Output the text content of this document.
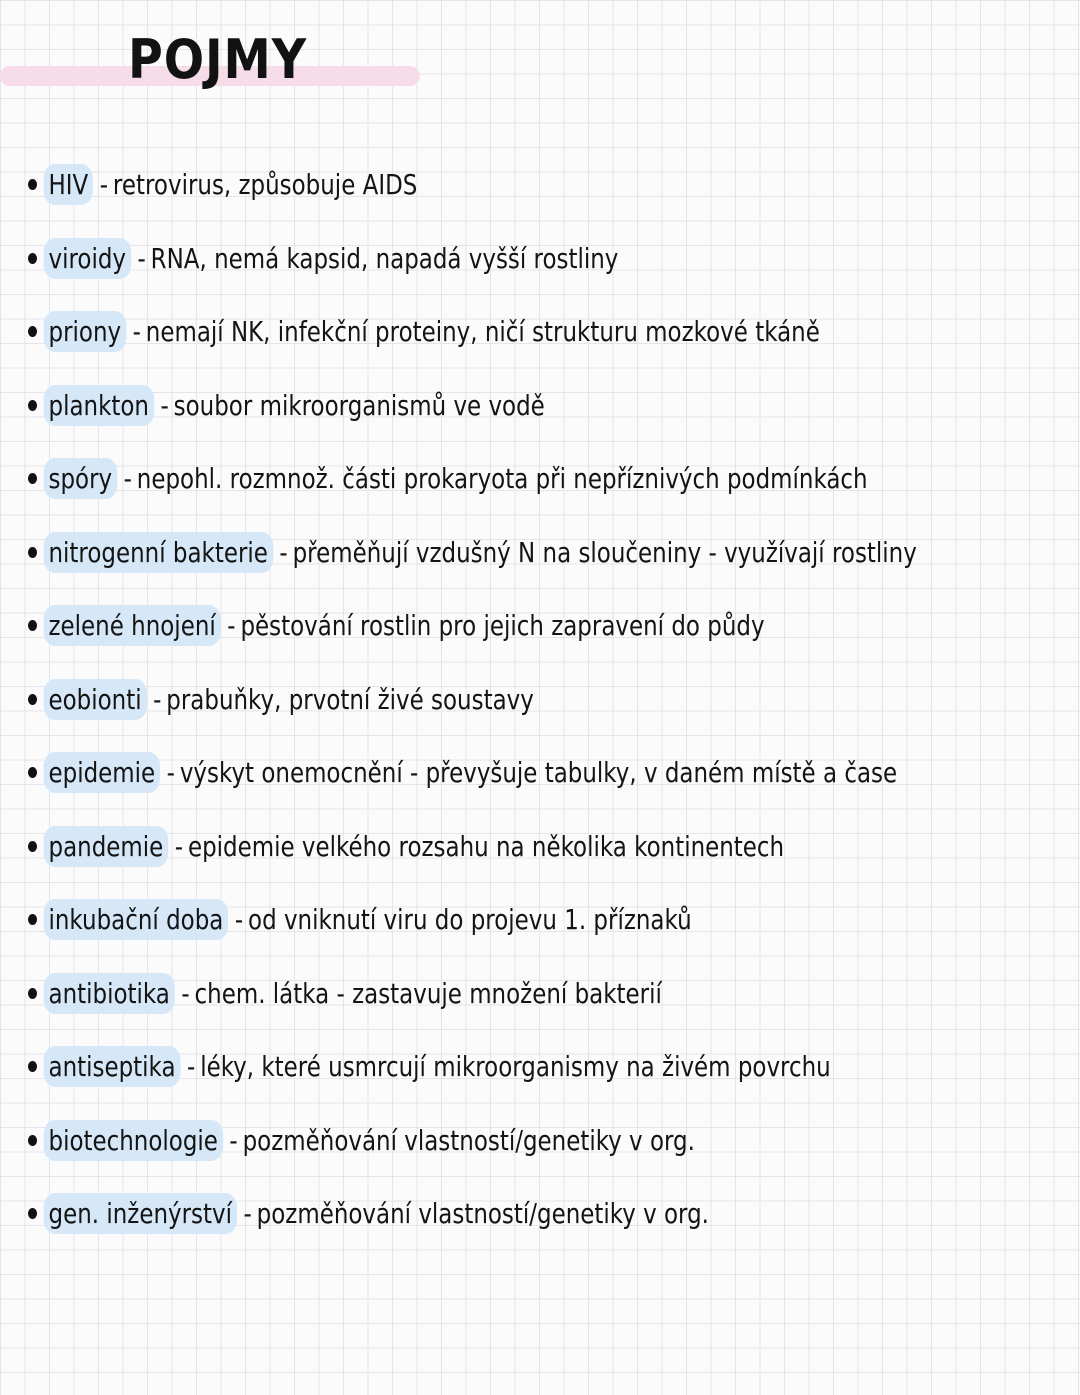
POJMY
HIV - retrovirus, způsobuje AIDS
viroidy - RNA, nemá kapsid, napadá vyšší rostliny
priony - nemají NK, infekční proteiny, ničí strukturu mozkové tkáně
plankton - soubor mikroorganismů ve vodě
spóry - nepohl. rozmnož. části prokaryota při nepříznivých podmínkách
nitrogenní bakterie - přeměňují vzdušný N na sloučeniny - využívají rostliny
zelené hnojení - pěstování rostlin pro jejich zapravení do půdy
eobionti - prabuňky, prvotní živé soustavy
epidemie - výskyt onemocnění - převyšuje tabulky, v daném místě a čase
pandemie - epidemie velkého rozsahu na několika kontinentech
inkubační doba - od vniknutí viru do projevu 1. příznaků
antibiotika - chem. látka - zastavuje množení bakterií
antiseptika - léky, které usmrcují mikroorganismy na živém povrchu
biotechnologie - pozměňování vlastností/genetiky v org.
gen. inženýrství - pozměňování vlastností/genetiky v org.
